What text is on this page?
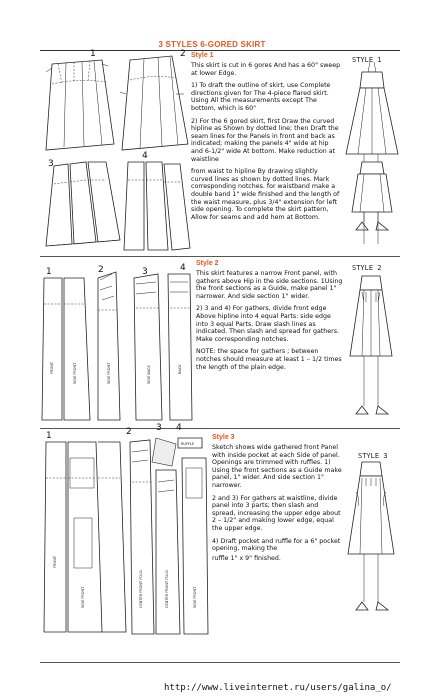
3 STYLES 6-GORED SKIRT
3
4
1	2 Style 1

This skirt is cut in 6 gores And has a 60" sweep at lower Edge.

1) To draft the outline of skirt, use Complete directions given for The 4-piece flared skirt. Using All the measurements except The bottom, which is 60"

2) For the 6 gored skirt, first Draw the curved hipline as Shown by dotted line; then Draft the seam lines for the Panels in front and back as indicated; making the panels 4" wide at hip and 6-1/2" wide At bottom. Make reduction at waistline

from waist to hipline By drawing slightly curved lines as shown by dotted lines. Mark corresponding notches. for waistband make a double band 1" wide finished and the length of the waist measure, plus 3/4" extension for left side opening. To complete the skirt pattern, Allow for seams and add hem at Bottom.

STYLE 1
1	2	3	4
FRONT	SIDE FRONT	SIDE FRONT	SIDE BACK	BACK
Style 2

This skirt features a narrow Front panel, with gathers above Hip in the side sections. 1Using the front sections as a Guide, make panel 1" narrower. And side section 1" wider.

2) 3 and 4) For gathers, divide front edge Above hipline into 4 equal Parts: side edge into 3 equal Parts. Draw slash lines as indicated. Then slash and spread for gathers. Make corresponding notches.

NOTE: the space for gathers ; between notches should measure at least 1 – 1/2 times the length of the plain edge.

STYLE 2
1	2	3 4
FRONT
SIDE FRONT	CENTER FRONT FOLD	CENTER FRONT FOLD
RUFFLE
SIDE FRONT
Style 3

Sketch shows wide gathered front Panel with inside pocket at each Side of panel. Openings are trimmed with ruffles. 1) Using the front sections as a Guide make panel, 1" wider. And side section 1" narrower.

2 and 3) For gathers at waistline, divide panel into 3 parts; then slash and spread, increasing the upper edge about 2 – 1/2" and making lower edge, equal the upper edge.

4) Draft pocket and ruffle for a 6" pocket opening, making the

ruffle 1" x 9" finished.

STYLE 3
http://www.liveinternet.ru/users/galina_o/
